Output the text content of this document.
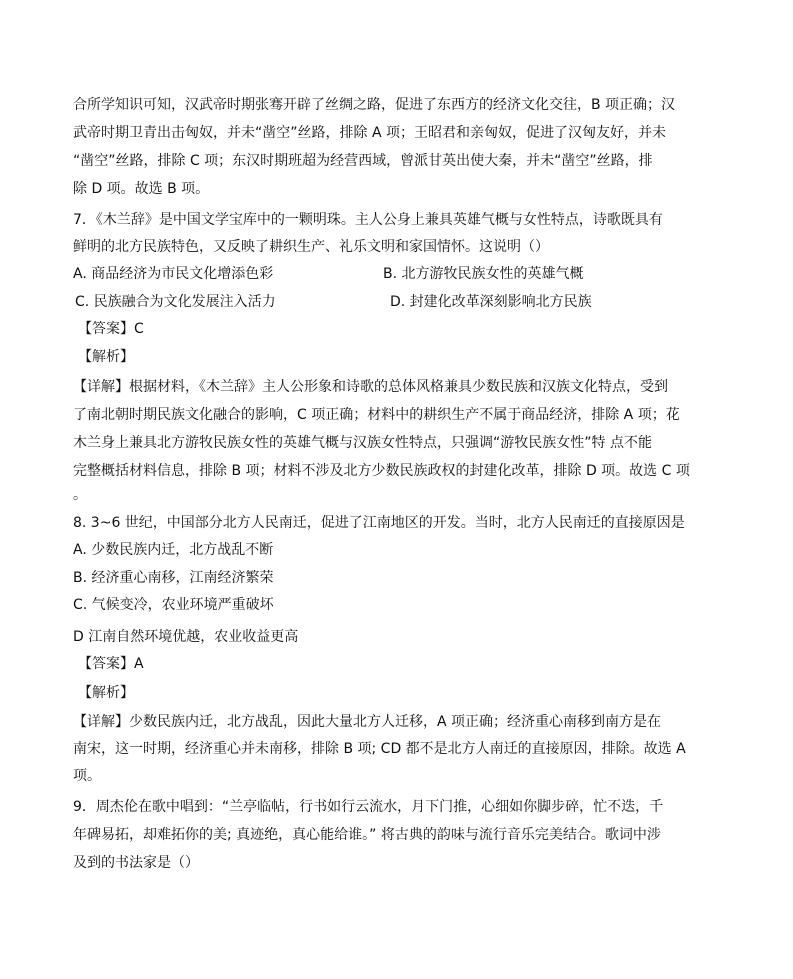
合所学知识可知，汉武帝时期张骞开辟了丝绸之路，促进了东西方的经济文化交往，B 项正确；汉
武帝时期卫青出击匈奴，并未“凿空”丝路，排除 A 项；王昭君和亲匈奴，促进了汉匈友好，并未
“凿空”丝路，排除 C 项；东汉时期班超为经营西域，曾派甘英出使大秦，并未“凿空”丝路，排
除 D 项。故选 B 项。
7．《木兰辞》是中国文学宝库中的一颗明珠。主人公身上兼具英雄气概与女性特点，诗歌既具有
鲜明的北方民族特色，又反映了耕织生产、礼乐文明和家国情怀。这说明（）
A. 商品经济为市民文化增添色彩	B. 北方游牧民族女性的英雄气概
C. 民族融合为文化发展注入活力	D. 封建化改革深刻影响北方民族
【答案】C
【解析】
【详解】根据材料，《木兰辞》主人公形象和诗歌的总体风格兼具少数民族和汉族文化特点，受到
了南北朝时期民族文化融合的影响，C 项正确；材料中的耕织生产不属于商品经济，排除 A 项；花
木兰身上兼具北方游牧民族女性的英雄气概与汉族女性特点，只强调“游牧民族女性”特 点不能
完整概括材料信息，排除 B 项；材料不涉及北方少数民族政权的封建化改革，排除 D 项。故选 C 项
。
8. 3~6 世纪，中国部分北方人民南迁，促进了江南地区的开发。当时，北方人民南迁的直接原因是
A. 少数民族内迁，北方战乱不断
B. 经济重心南移，江南经济繁荣
C. 气候变冷，农业环境严重破坏
D 江南自然环境优越，农业收益更高
【答案】A
【解析】
【详解】少数民族内迁，北方战乱，因此大量北方人迁移，A 项正确；经济重心南移到南方是在
南宋，这一时期，经济重心并未南移，排除 B 项; CD 都不是北方人南迁的直接原因，排除。故选 A
项。
9．周杰伦在歌中唱到：“兰亭临帖，行书如行云流水，月下门推，心细如你脚步碎，忙不迭，千
年碑易拓，却难拓你的美; 真迹绝，真心能给谁。” 将古典的韵味与流行音乐完美结合。歌词中涉
及到的书法家是（）
